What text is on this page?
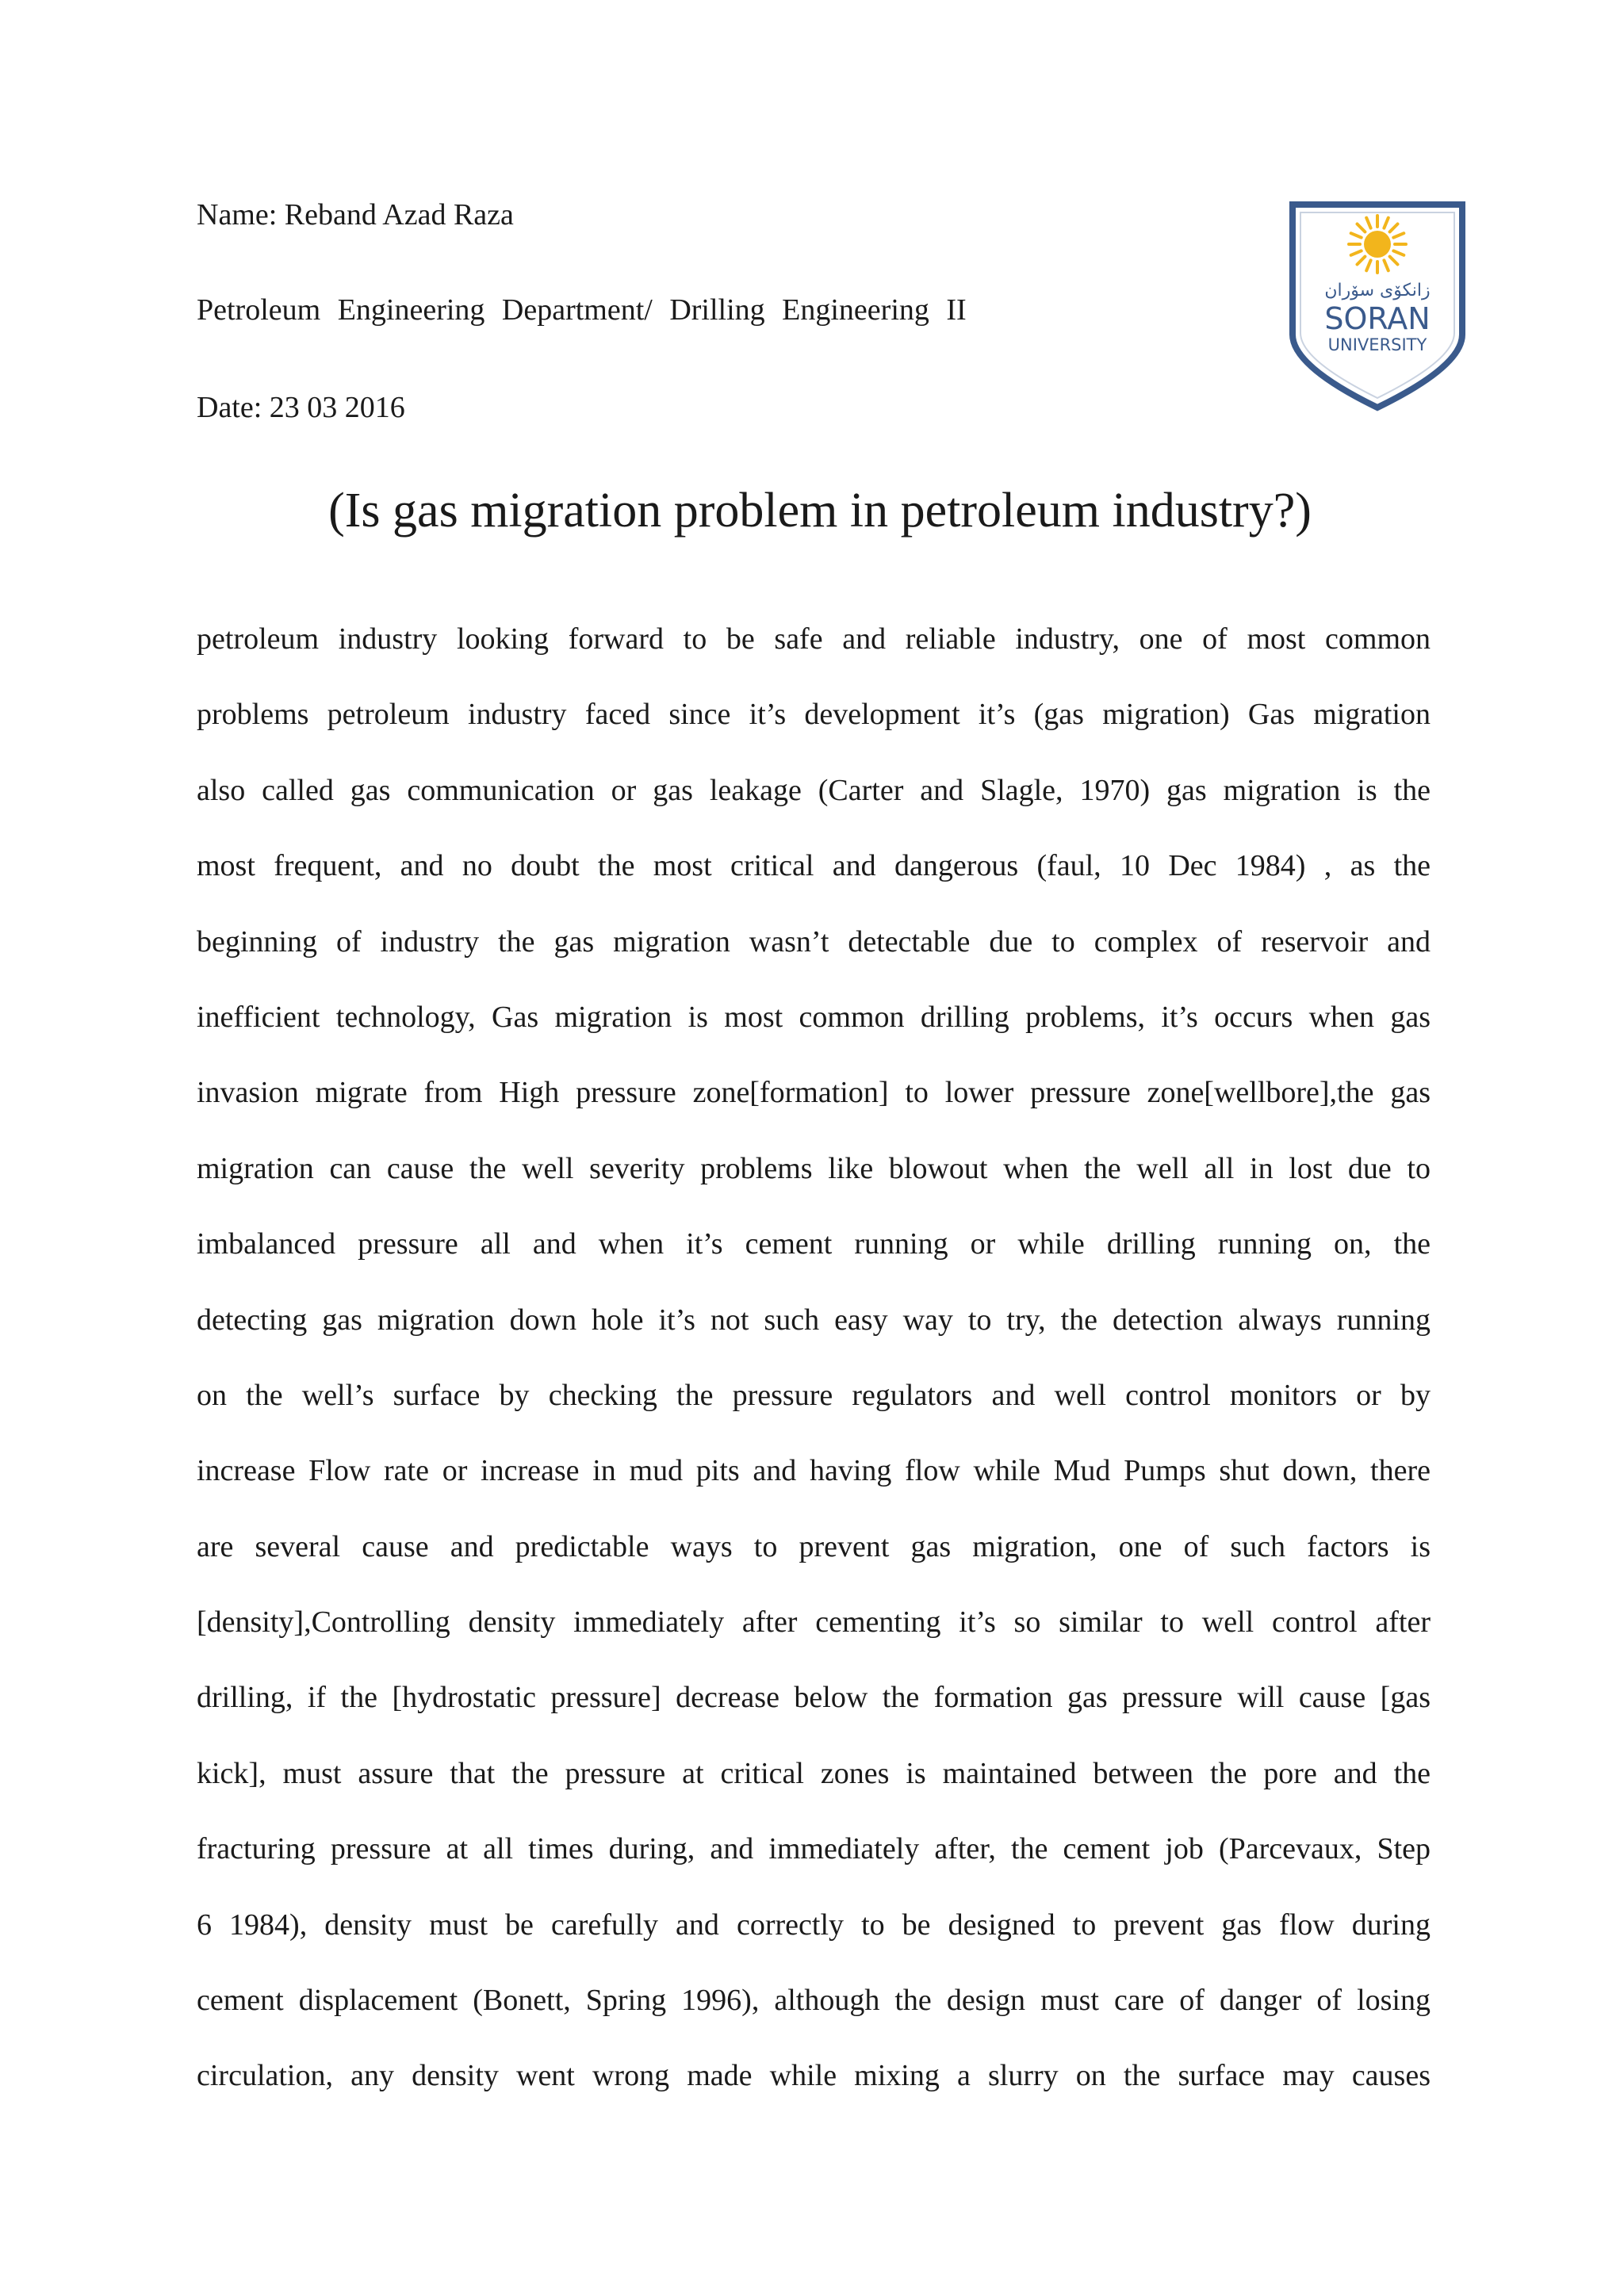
Name: Reband Azad Raza
Petroleum Engineering Department/ Drilling Engineering II
Date: 23 03 2016
زانکۆی سۆران
SORAN
UNIVERSITY
(Is gas migration problem in petroleum industry?)
petroleum industry looking forward to be safe and reliable industry, one of most common
problems petroleum industry faced since it’s development it’s (gas migration) Gas migration
also called gas communication or gas leakage (Carter and Slagle, 1970) gas migration is the
most frequent, and no doubt the most critical and dangerous (faul, 10 Dec 1984) , as the
beginning of industry the gas migration wasn’t detectable due to complex of reservoir and
inefficient technology, Gas migration is most common drilling problems, it’s occurs when gas
invasion migrate from High pressure zone[formation] to lower pressure zone[wellbore],the gas
migration can cause the well severity problems like blowout when the well all in lost due to
imbalanced pressure all and when it’s cement running or while drilling running on, the
detecting gas migration down hole it’s not such easy way to try, the detection always running
on the well’s surface by checking the pressure regulators and well control monitors or by
increase Flow rate or increase in mud pits and having flow while Mud Pumps shut down, there
are several cause and predictable ways to prevent gas migration, one of such factors is
[density],Controlling density immediately after cementing it’s so similar to well control after
drilling, if the [hydrostatic pressure] decrease below the formation gas pressure will cause [gas
kick], must assure that the pressure at critical zones is maintained between the pore and the
fracturing pressure at all times during, and immediately after, the cement job (Parcevaux, Step
6 1984), density must be carefully and correctly to be designed to prevent gas flow during
cement displacement (Bonett, Spring 1996), although the design must care of danger of losing
circulation, any density went wrong made while mixing a slurry on the surface may causes
